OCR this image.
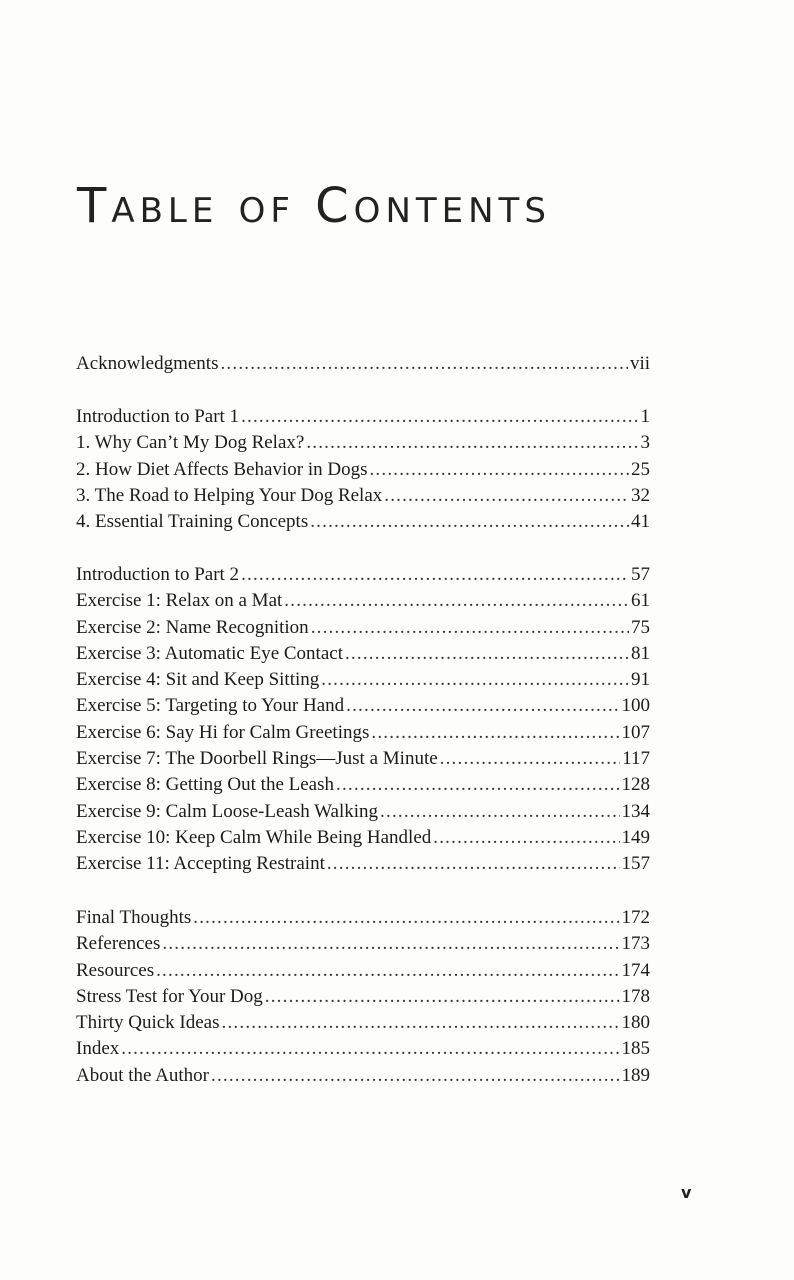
Table of Contents
Acknowledgments .....	vii
Introduction to Part 1 .....	1
1. Why Can’t My Dog Relax? .....	3
2. How Diet Affects Behavior in Dogs .....	25
3. The Road to Helping Your Dog Relax .....	32
4. Essential Training Concepts .....	41
Introduction to Part 2 .....	57
Exercise 1: Relax on a Mat .....	61
Exercise 2: Name Recognition .....	75
Exercise 3: Automatic Eye Contact .....	81
Exercise 4: Sit and Keep Sitting .....	91
Exercise 5: Targeting to Your Hand .....	100
Exercise 6: Say Hi for Calm Greetings .....	107
Exercise 7: The Doorbell Rings—Just a Minute .....	117
Exercise 8: Getting Out the Leash .....	128
Exercise 9: Calm Loose-Leash Walking .....	134
Exercise 10: Keep Calm While Being Handled .....	149
Exercise 11: Accepting Restraint .....	157
Final Thoughts .....	172
References .....	173
Resources .....	174
Stress Test for Your Dog .....	178
Thirty Quick Ideas .....	180
Index .....	185
About the Author .....	189
v
